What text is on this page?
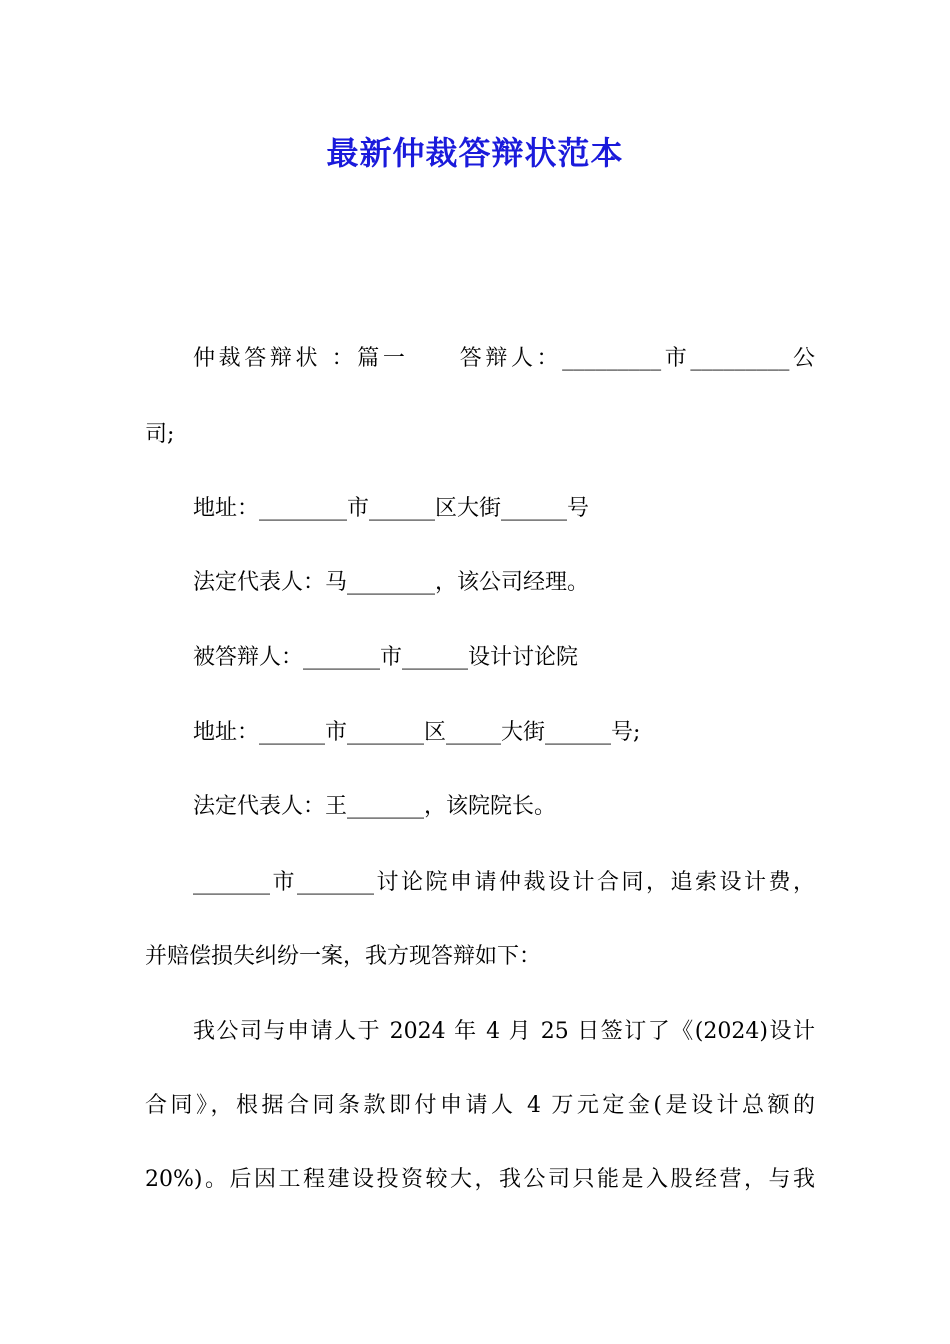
最新仲裁答辩状范本
仲裁答辩状 ：篇一　　答辩人：_________市_________公
司;
地址：________市______区大街______号
法定代表人：马________，该公司经理。
被答辩人：_______市______设计讨论院
地址：______市_______区_____大街______号;
法定代表人：王_______，该院院长。
_______市_______讨论院申请仲裁设计合同，追索设计费，
并赔偿损失纠纷一案，我方现答辩如下：
我公司与申请人于 2024 年 4 月 25 日签订了《(2024)设计
合同》，根据合同条款即付申请人 4 万元定金(是设计总额的
20%)。后因工程建设投资较大，我公司只能是入股经营，与我
